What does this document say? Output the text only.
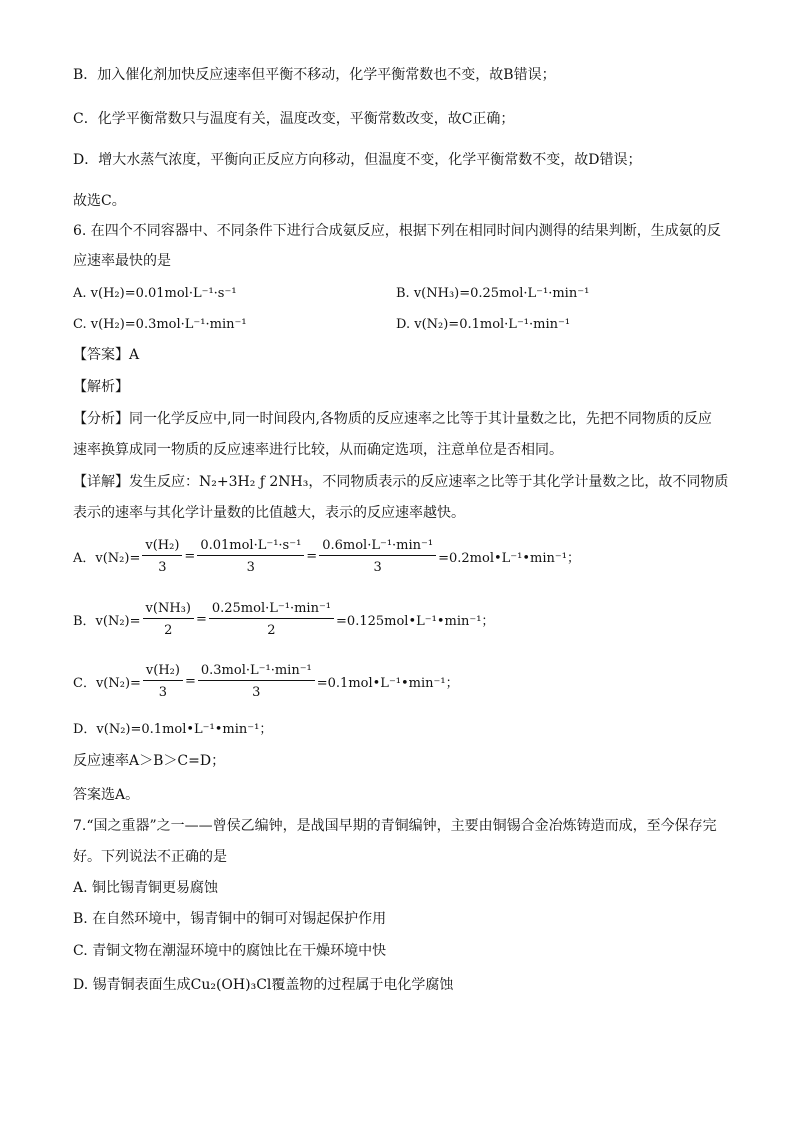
B．加入催化剂加快反应速率但平衡不移动，化学平衡常数也不变，故B错误；
C．化学平衡常数只与温度有关，温度改变，平衡常数改变，故C正确；
D．增大水蒸气浓度，平衡向正反应方向移动，但温度不变，化学平衡常数不变，故D错误；
故选C。
6. 在四个不同容器中、不同条件下进行合成氨反应，根据下列在相同时间内测得的结果判断，生成氨的反
应速率最快的是
A. v(H₂)=0.01mol·L⁻¹·s⁻¹	B. v(NH₃)=0.25mol·L⁻¹·min⁻¹
C. v(H₂)=0.3mol·L⁻¹·min⁻¹	D. v(N₂)=0.1mol·L⁻¹·min⁻¹
【答案】A
【解析】
【分析】同一化学反应中,同一时间段内,各物质的反应速率之比等于其计量数之比，先把不同物质的反应
速率换算成同一物质的反应速率进行比较，从而确定选项，注意单位是否相同。
【详解】发生反应：N₂+3H₂ ƒ 2NH₃，不同物质表示的反应速率之比等于其化学计量数之比，故不同物质
表示的速率与其化学计量数的比值越大，表示的反应速率越快。
A．$v(N_2)= \frac{\text{v(H₂)}}{3} = \frac{\text{0.01mol·L⁻¹·s⁻¹}}{3} = \frac{\text{0.6mol·L⁻¹·min⁻¹}}{3}$ =0.2mol•L⁻¹•min⁻¹；
B．$v(N_2)= \frac{\text{v(NH₃)}}{2} = \frac{\text{0.25mol·L⁻¹·min⁻¹}}{2}$ =0.125mol•L⁻¹•min⁻¹；
C．$v(N_2)= \frac{\text{v(H₂)}}{3} = \frac{\text{0.3mol·L⁻¹·min⁻¹}}{3}$ =0.1mol•L⁻¹•min⁻¹；
D．v(N₂)=0.1mol•L⁻¹•min⁻¹；
反应速率A＞B＞C=D；
答案选A。
7.“国之重器”之一——曾侯乙编钟，是战国早期的青铜编钟，主要由铜锡合金冶炼铸造而成，至今保存完
好。下列说法不正确的是
A. 铜比锡青铜更易腐蚀
B. 在自然环境中，锡青铜中的铜可对锡起保护作用
C. 青铜文物在潮湿环境中的腐蚀比在干燥环境中快
D. 锡青铜表面生成Cu₂(OH)₃Cl覆盖物的过程属于电化学腐蚀
